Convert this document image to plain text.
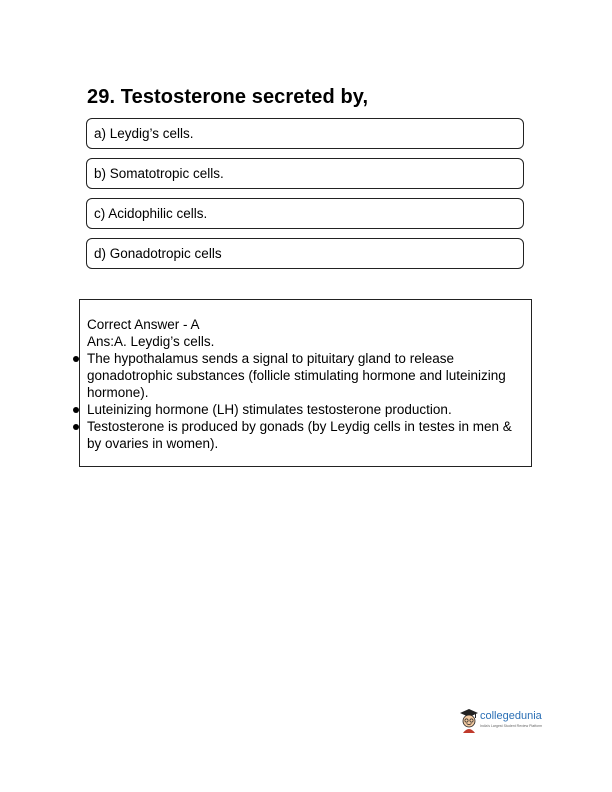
29. Testosterone secreted by,
a) Leydig’s cells.
b) Somatotropic cells.
c) Acidophilic cells.
d) Gonadotropic cells
Correct Answer - A
Ans:A. Leydig’s cells.
The hypothalamus sends a signal to pituitary gland to release gonadotrophic substances (follicle stimulating hormone and luteinizing hormone).
Luteinizing hormone (LH) stimulates testosterone production.
Testosterone is produced by gonads (by Leydig cells in testes in men & by ovaries in women).
collegedunia
India's Largest Student Review Platform
